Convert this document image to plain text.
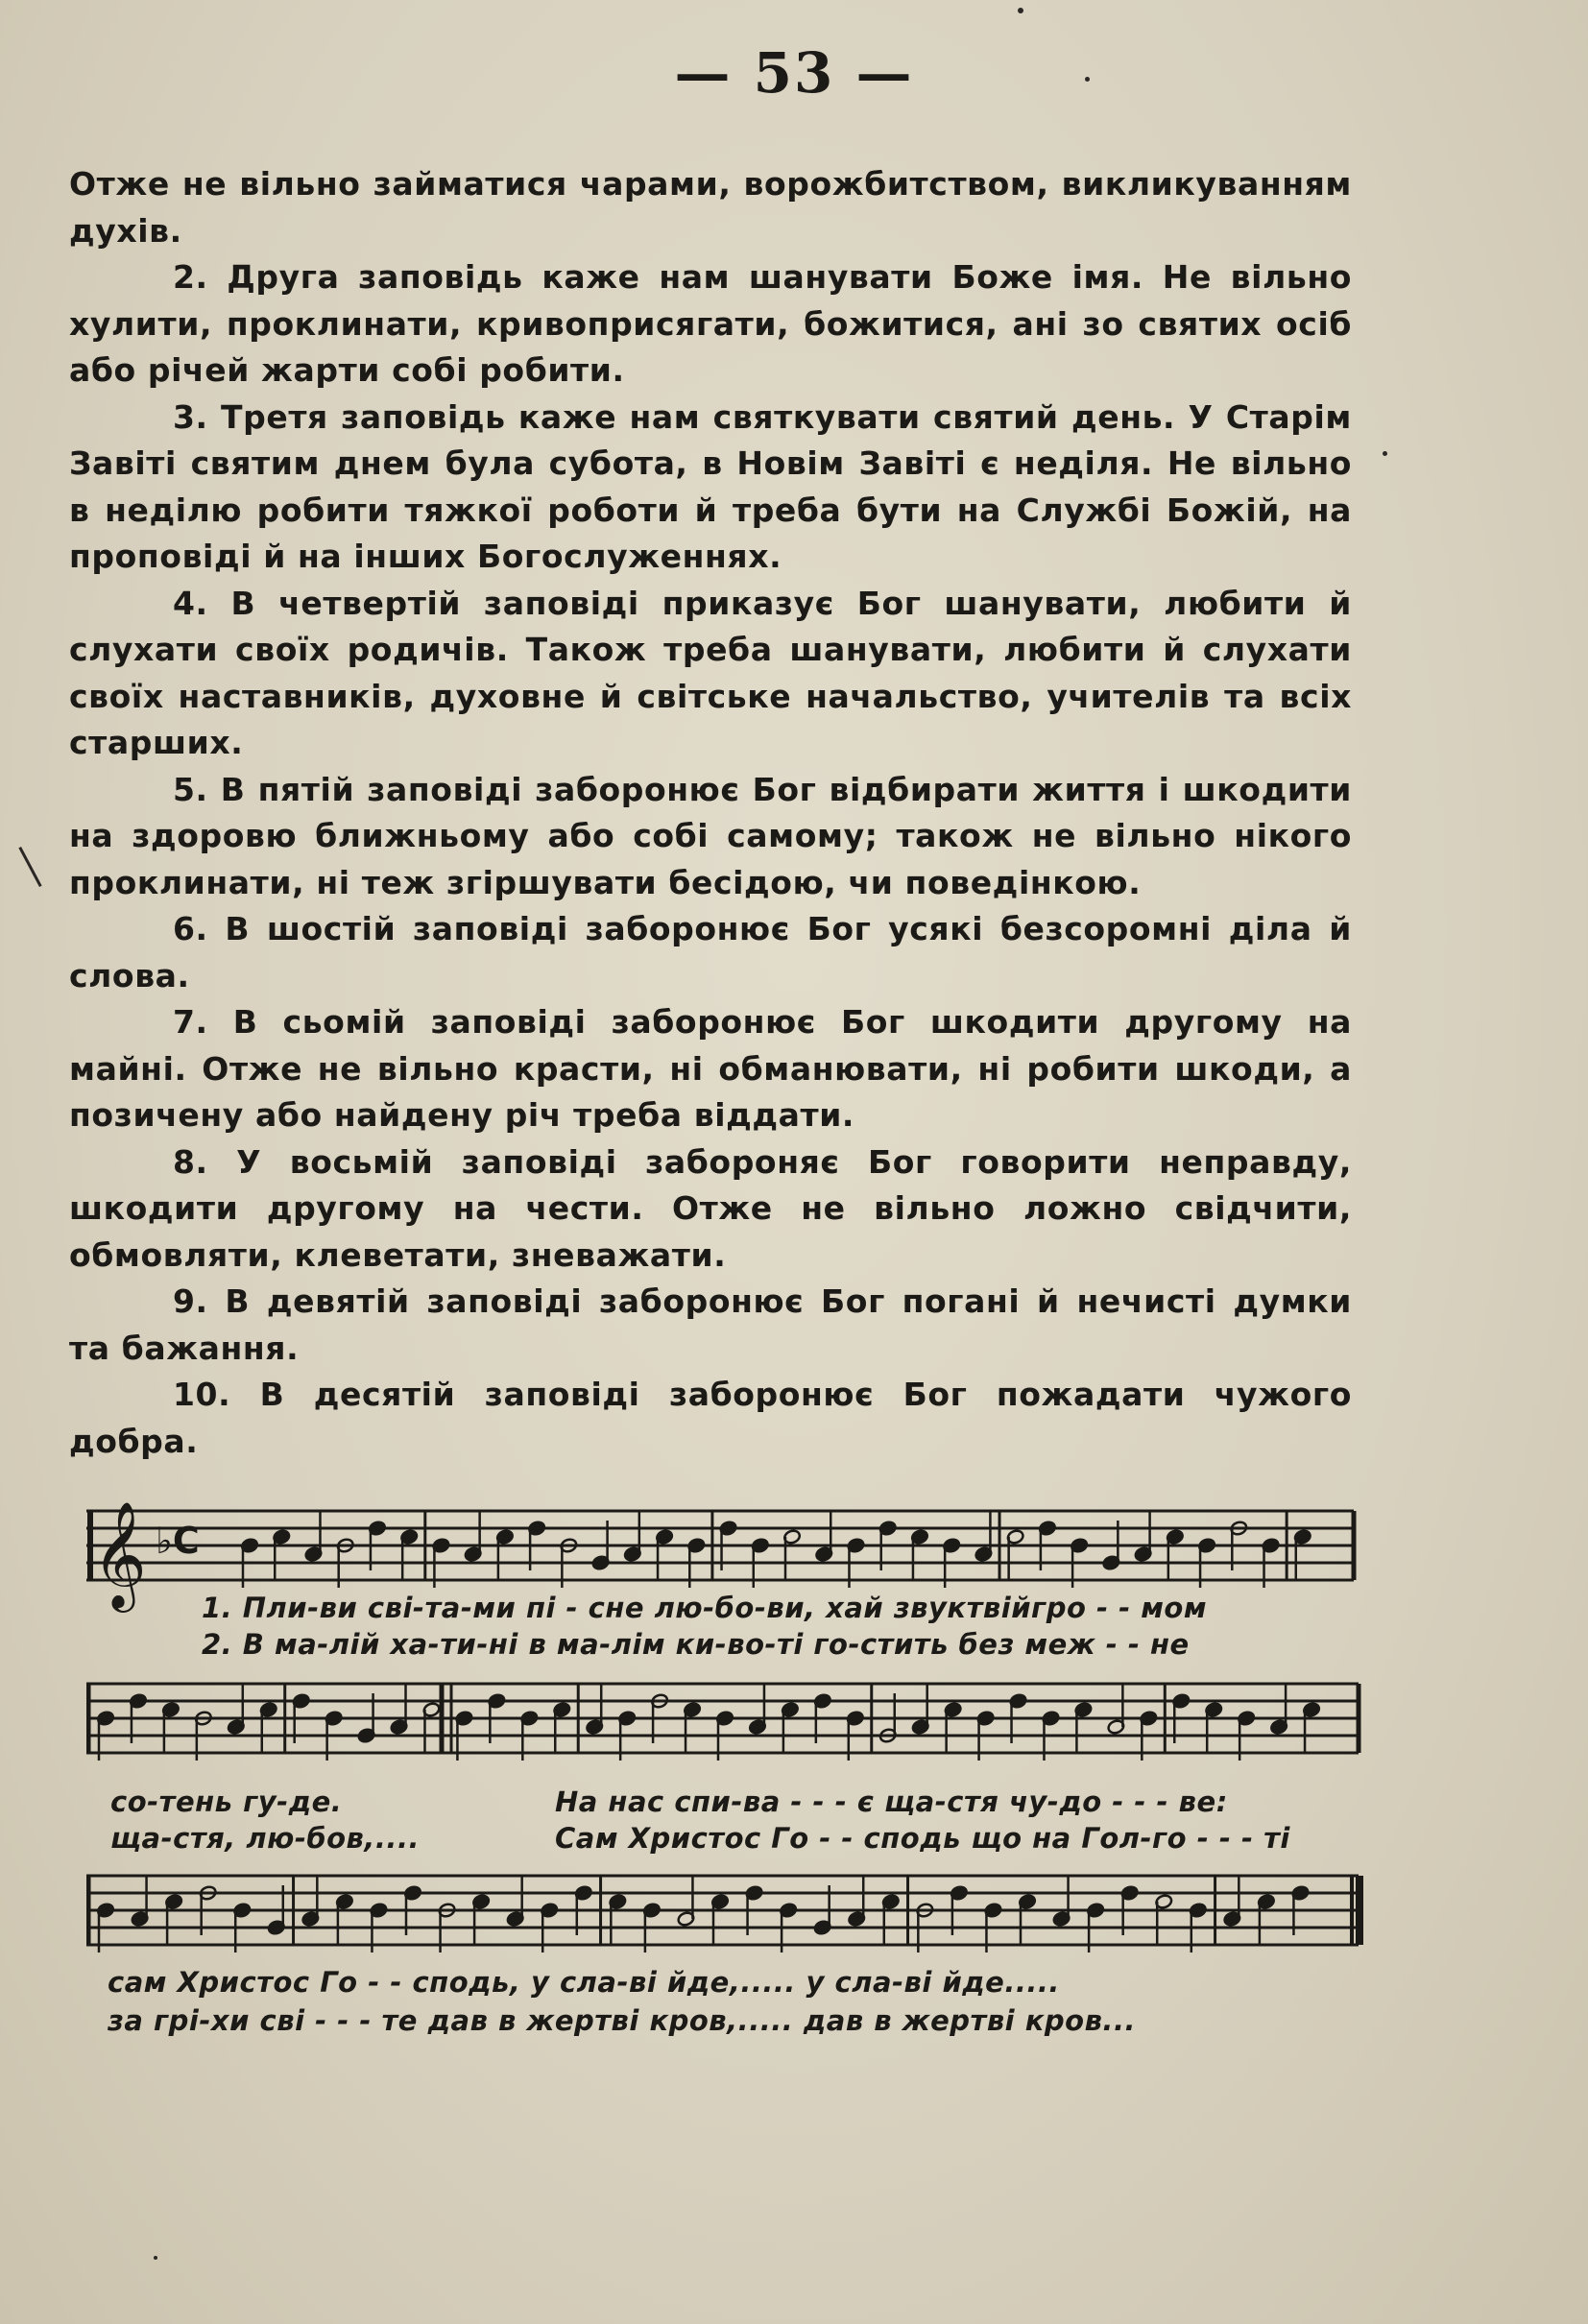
— 53 —

Отже не вільно займатися чарами, ворожбитством, викликуванням духів.

2. Друга заповідь каже нам шанувати Боже імя. Не вільно хулити, проклинати, кривоприсягати, божитися, ані зо святих осіб або річей жарти собі робити.

3. Третя заповідь каже нам святкувати святий день. У Старім Завіті святим днем була субота, в Новім Завіті є неділя. Не вільно в неділю робити тяжкої роботи й треба бути на Службі Божій, на проповіді й на інших Богослуженнях.

4. В четвертій заповіді приказує Бог шанувати, любити й слухати своїх родичів. Також треба шанувати, любити й слухати своїх наставників, духовне й світське начальство, учителів та всіх старших.

5. В пятій заповіді заборонює Бог відбирати життя і шкодити на здоровю ближньому або собі самому; також не вільно нікого проклинати, ні теж згіршувати бесідою, чи поведінкою.

6. В шостій заповіді заборонює Бог усякі безсоромні діла й слова.

7. В сьомій заповіді заборонює Бог шкодити другому на майні. Отже не вільно красти, ні обманювати, ні робити шкоди, а позичену або найдену річ треба віддати.

8. У восьмій заповіді забороняє Бог говорити неправду, шкодити другому на чести. Отже не вільно ложно свідчити, обмовляти, клеветати, зневажати.

9. В девятій заповіді заборонює Бог погані й нечисті думки та бажання.

10. В десятій заповіді заборонює Бог пожадати чужого добра.

𝄞 ♭C
1. Пли-ви сві-та-ми пі - сне лю-бо-ви, хай звуктвійгро - - мом
2. В ма-лій ха-ти-ні в ма-лім ки-во-ті го-стить без меж - - не
со-тень гу-де.
ща-стя, лю-бов,....
На нас спи-ва - - - є ща-стя чу-до - - - ве:
Сам Христос Го - - сподь що на Гол-го - - - ті
сам Христос Го - - сподь, у сла-ві йде,..... у сла-ві йде.....
за грі-хи сві - - - те дав в жертві кров,..... дав в жертві кров...
